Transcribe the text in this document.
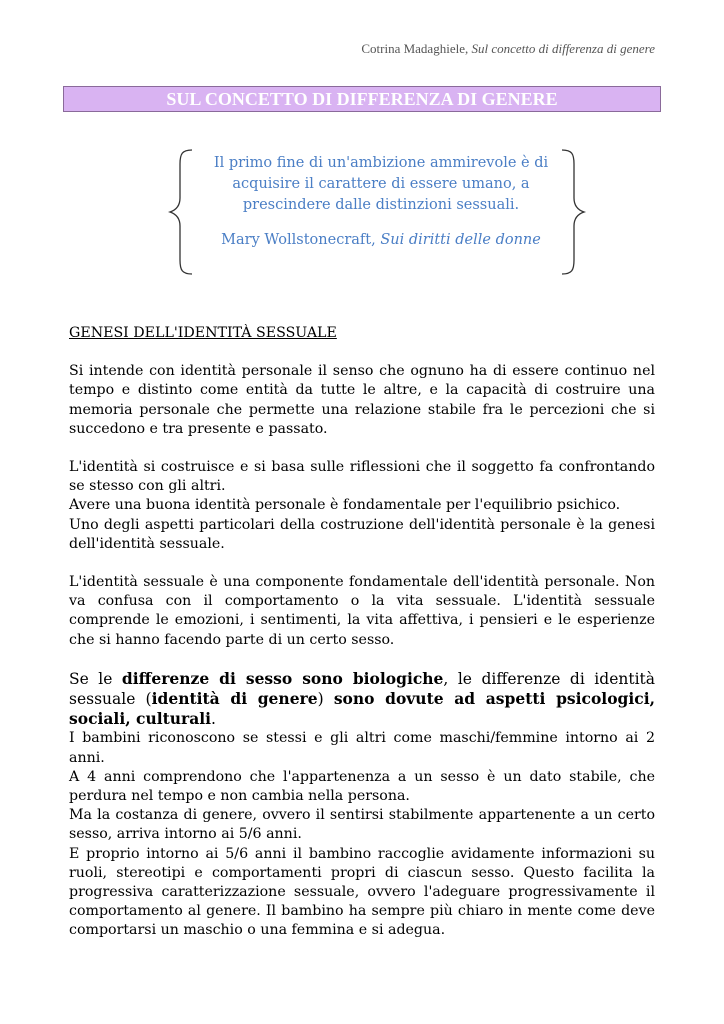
Cotrina Madaghiele, Sul concetto di differenza di genere
SUL CONCETTO DI DIFFERENZA DI GENERE
Il primo fine di un'ambizione ammirevole è di
acquisire il carattere di essere umano, a
prescindere dalle distinzioni sessuali.
Mary Wollstonecraft, Sui diritti delle donne

GENESI DELL'IDENTITÀ SESSUALE

Si intende con identità personale il senso che ognuno ha di essere continuo nel tempo e distinto come entità da tutte le altre, e la capacità di costruire una memoria personale che permette una relazione stabile fra le percezioni che si succedono e tra presente e passato.

L'identità si costruisce e si basa sulle riflessioni che il soggetto fa confrontando se stesso con gli altri.

Avere una buona identità personale è fondamentale per l'equilibrio psichico.

Uno degli aspetti particolari della costruzione dell'identità personale è la genesi dell'identità sessuale.

L'identità sessuale è una componente fondamentale dell'identità personale. Non va confusa con il comportamento o la vita sessuale. L'identità sessuale comprende le emozioni, i sentimenti, la vita affettiva, i pensieri e le esperienze che si hanno facendo parte di un certo sesso.

Se le differenze di sesso sono biologiche, le differenze di identità sessuale (identità di genere) sono dovute ad aspetti psicologici, sociali, culturali.

I bambini riconoscono se stessi e gli altri come maschi/femmine intorno ai 2 anni.

A 4 anni comprendono che l'appartenenza a un sesso è un dato stabile, che perdura nel tempo e non cambia nella persona.

Ma la costanza di genere, ovvero il sentirsi stabilmente appartenente a un certo sesso, arriva intorno ai 5/6 anni.

E proprio intorno ai 5/6 anni il bambino raccoglie avidamente informazioni su ruoli, stereotipi e comportamenti propri di ciascun sesso. Questo facilita la progressiva caratterizzazione sessuale, ovvero l'adeguare progressivamente il comportamento al genere. Il bambino ha sempre più chiaro in mente come deve comportarsi un maschio o una femmina e si adegua.
